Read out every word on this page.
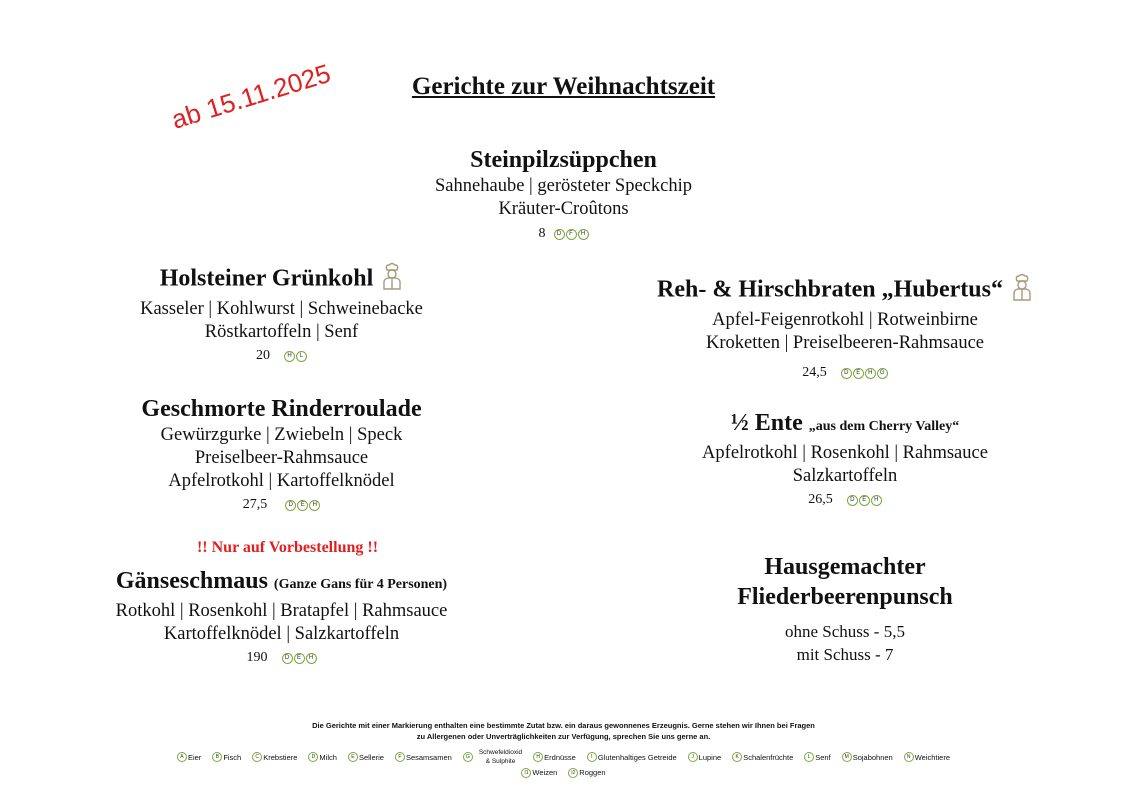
Gerichte zur Weihnachtszeit
ab 15.11.2025
Steinpilzsüppchen
Sahnehaube | gerösteter Speckchip
Kräuter-Croûtons
8	D	F	H
Holsteiner Grünkohl
Kasseler | Kohlwurst | Schweinebacke
Röstkartoffeln | Senf
20	H	L
Reh- & Hirschbraten „Hubertus“
Apfel-Feigenrotkohl | Rotweinbirne
Kroketten | Preiselbeeren-Rahmsauce
24,5	D	E	H	G
Geschmorte Rinderroulade
Gewürzgurke | Zwiebeln | Speck
Preiselbeer-Rahmsauce
Apfelrotkohl | Kartoffelknödel
27,5	D	E	H
½ Ente „aus dem Cherry Valley“
Apfelrotkohl | Rosenkohl | Rahmsauce
Salzkartoffeln
26,5	D	E	H
!! Nur auf Vorbestellung !!
Gänseschmaus (Ganze Gans für 4 Personen)
Rotkohl | Rosenkohl | Bratapfel | Rahmsauce
Kartoffelknödel | Salzkartoffeln
190	D	E	H
Hausgemachter
Fliederbeerenpunsch
ohne Schuss - 5,5
mit Schuss - 7
Die Gerichte mit einer Markierung enthalten eine bestimmte Zutat bzw. ein daraus gewonnenes Erzeugnis. Gerne stehen wir Ihnen bei Fragen
zu Allergenen oder Unverträglichkeiten zur Verfügung, sprechen Sie uns gerne an.
A Eier	B Fisch	C Krebstiere	D Milch	E Sellerie	F Sesamsamen	G
Schwefeldioxid
& Sulphite
H Erdnüsse	I Glutenhaltiges Getreide	J Lupine	K Schalenfrüchte	L Senf	M Sojabohnen	N Weichtiere
I1 Weizen	I2 Roggen
